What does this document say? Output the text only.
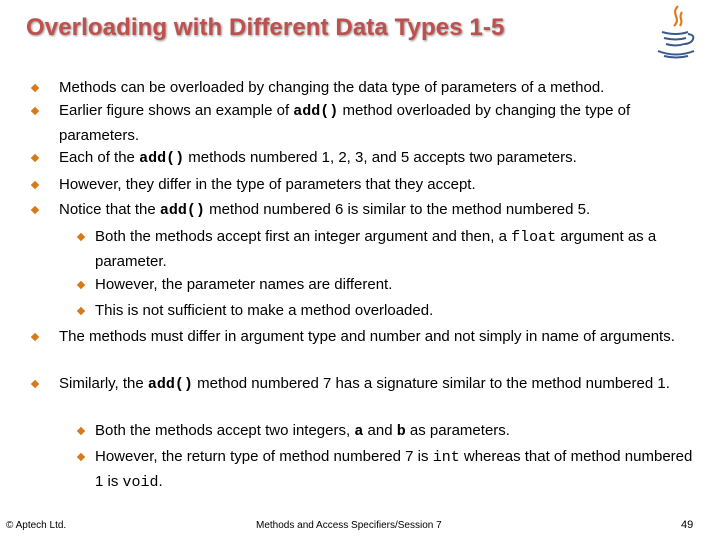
Overloading with Different Data Types 1-5
Methods can be overloaded by changing the data type of parameters of a method.
Earlier figure shows an example of add() method overloaded by changing the type of parameters.
Each of the add() methods numbered 1, 2, 3, and 5 accepts two parameters.
However, they differ in the type of parameters that they accept.
Notice that the add() method numbered 6 is similar to the method numbered 5.
Both the methods accept first an integer argument and then, a float argument as a parameter.
However, the parameter names are different.
This is not sufficient to make a method overloaded.
The methods must differ in argument type and number and not simply in name of arguments.
Similarly, the add() method numbered 7 has a signature similar to the method numbered 1.
Both the methods accept two integers, a and b as parameters.
However, the return type of method numbered 7 is int whereas that of method numbered 1 is void.
© Aptech Ltd.	Methods and Access Specifiers/Session 7	49
